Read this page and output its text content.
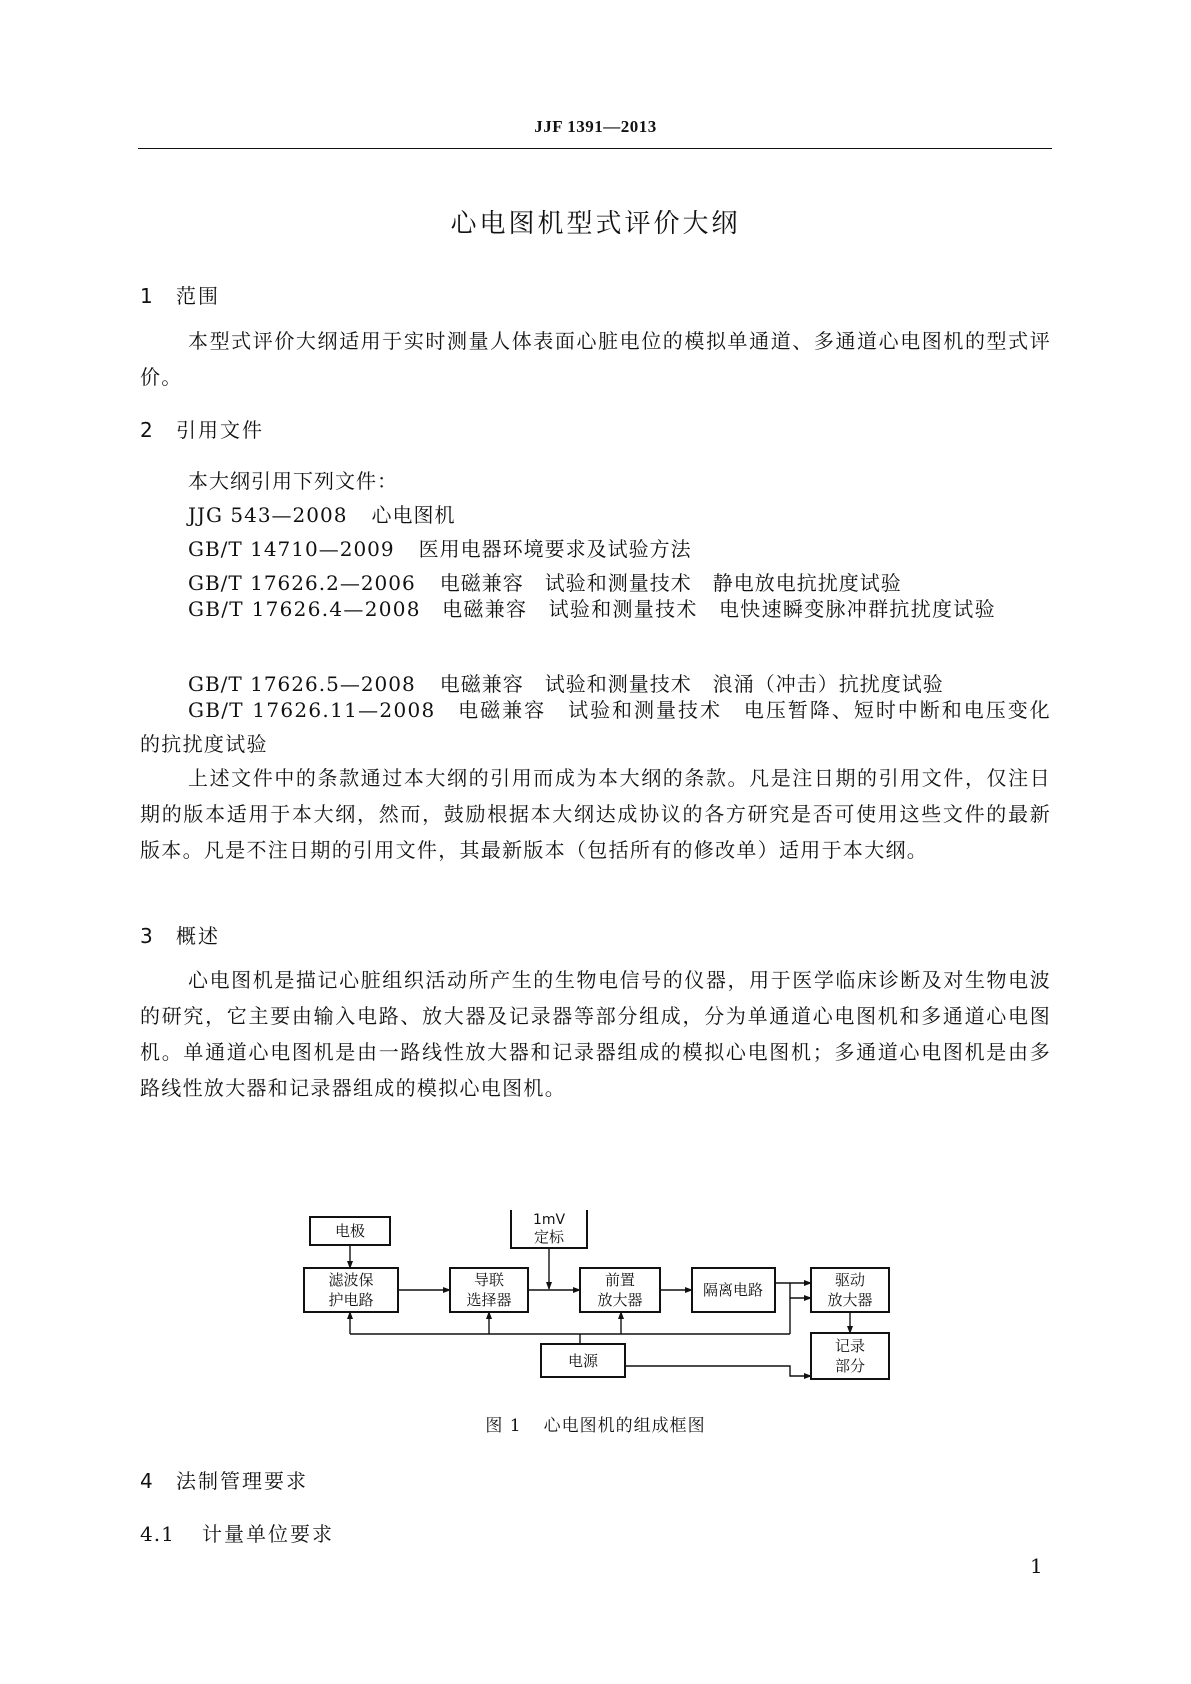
JJF 1391—2013
心电图机型式评价大纲
1 范围

本型式评价大纲适用于实时测量人体表面心脏电位的模拟单通道、多通道心电图机的型式评价。

2 引用文件
本大纲引用下列文件：
JJG 543—2008 心电图机
GB/T 14710—2009 医用电器环境要求及试验方法
GB/T 17626.2—2006 电磁兼容　试验和测量技术　静电放电抗扰度试验

GB/T 17626.4—2008　电磁兼容　试验和测量技术　电快速瞬变脉冲群抗扰度试验

GB/T 17626.5—2008 电磁兼容　试验和测量技术　浪涌（冲击）抗扰度试验

GB/T 17626.11—2008　电磁兼容　试验和测量技术　电压暂降、短时中断和电压变化的抗扰度试验

上述文件中的条款通过本大纲的引用而成为本大纲的条款。凡是注日期的引用文件，仅注日期的版本适用于本大纲，然而，鼓励根据本大纲达成协议的各方研究是否可使用这些文件的最新版本。凡是不注日期的引用文件，其最新版本（包括所有的修改单）适用于本大纲。

3 概述

心电图机是描记心脏组织活动所产生的生物电信号的仪器，用于医学临床诊断及对生物电波的研究，它主要由输入电路、放大器及记录器等部分组成，分为单通道心电图机和多通道心电图机。单通道心电图机是由一路线性放大器和记录器组成的模拟心电图机；多通道心电图机是由多路线性放大器和记录器组成的模拟心电图机。

电极
1mV
定标
滤波保
护电路
导联
选择器
前置
放大器
隔离电路
驱动
放大器
电源
记录
部分
图 1 心电图机的组成框图
4 法制管理要求
4.1 计量单位要求
1
